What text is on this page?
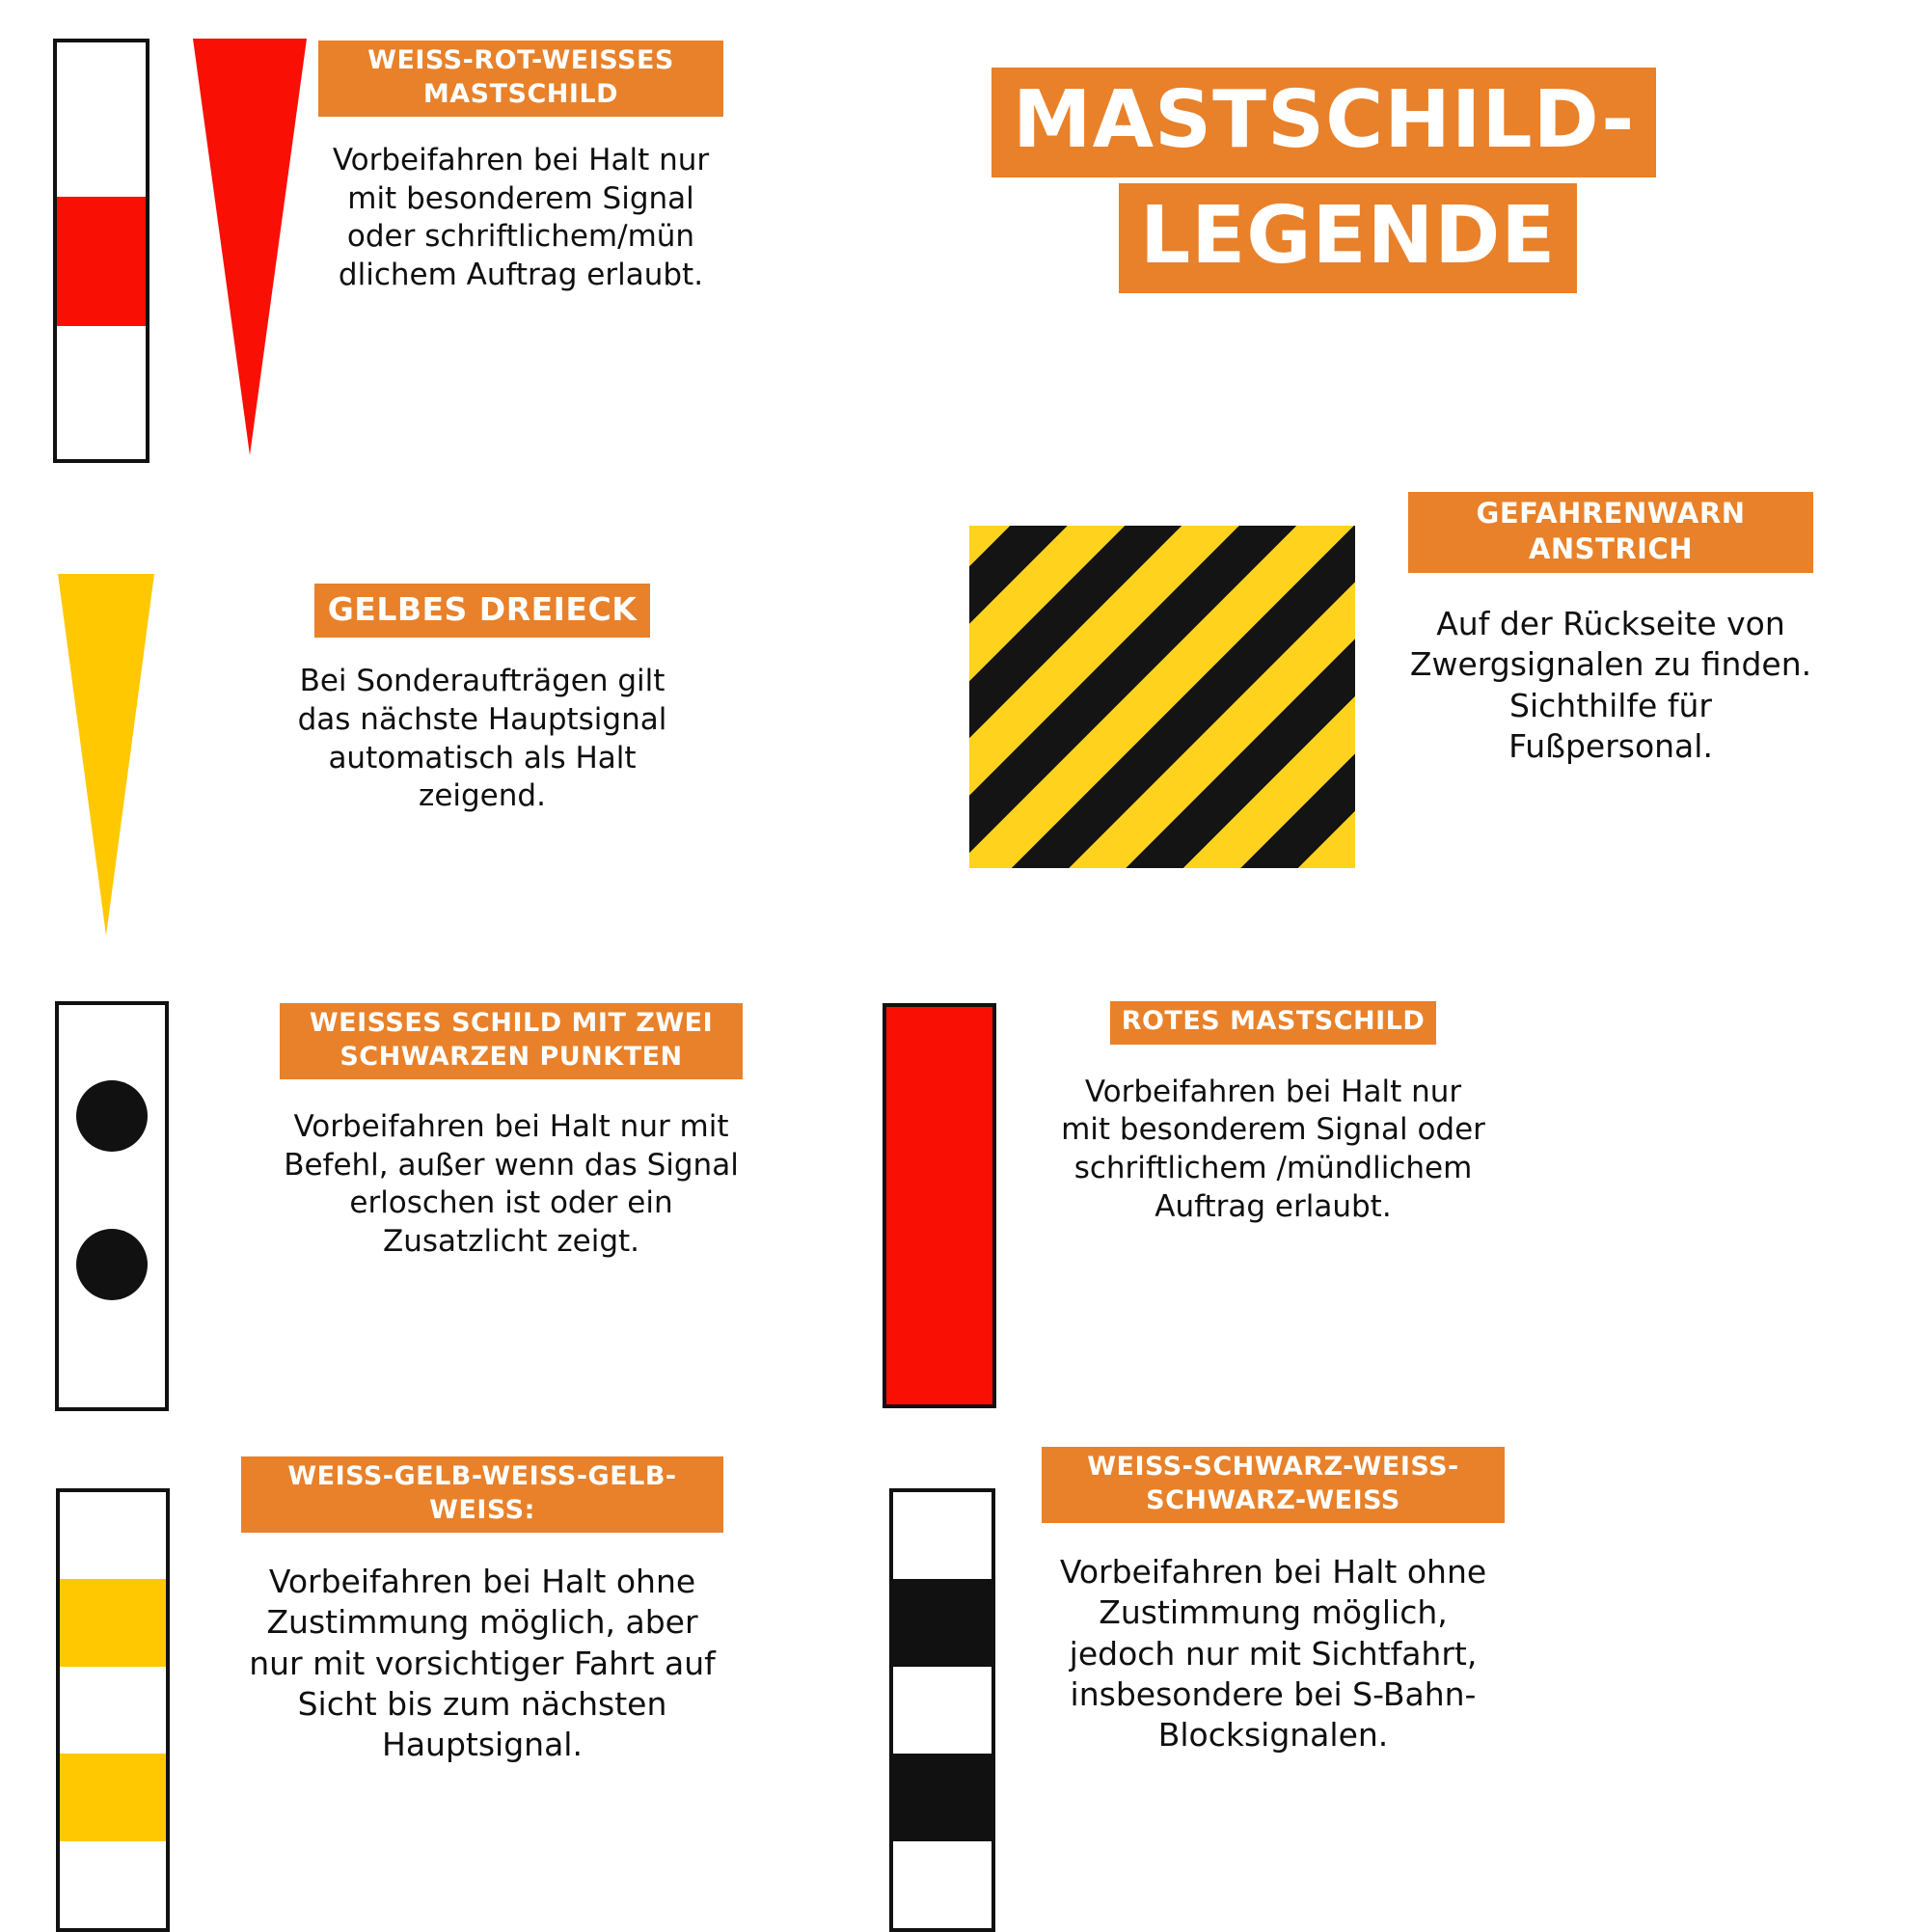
MASTSCHILD-
LEGENDE
WEISS-ROT-WEISSES MASTSCHILD
Vorbeifahren bei Halt nur mit besonderem Signal oder schriftlichem/mün dlichem Auftrag erlaubt.
GELBES DREIECK
Bei Sonderaufträgen gilt das nächste Hauptsignal automatisch als Halt zeigend.
WEISSES SCHILD MIT ZWEI SCHWARZEN PUNKTEN
Vorbeifahren bei Halt nur mit Befehl, außer wenn das Signal erloschen ist oder ein Zusatzlicht zeigt.
WEISS-GELB-WEISS-GELB-WEISS:
Vorbeifahren bei Halt ohne Zustimmung möglich, aber nur mit vorsichtiger Fahrt auf Sicht bis zum nächsten Hauptsignal.
GEFAHRENWARN ANSTRICH
Auf der Rückseite von Zwergsignalen zu finden. Sichthilfe für Fußpersonal.
ROTES MASTSCHILD
Vorbeifahren bei Halt nur mit besonderem Signal oder schriftlichem /mündlichem Auftrag erlaubt.
WEISS-SCHWARZ-WEISS-SCHWARZ-WEISS
Vorbeifahren bei Halt ohne Zustimmung möglich, jedoch nur mit Sichtfahrt, insbesondere bei S-Bahn-Blocksignalen.
